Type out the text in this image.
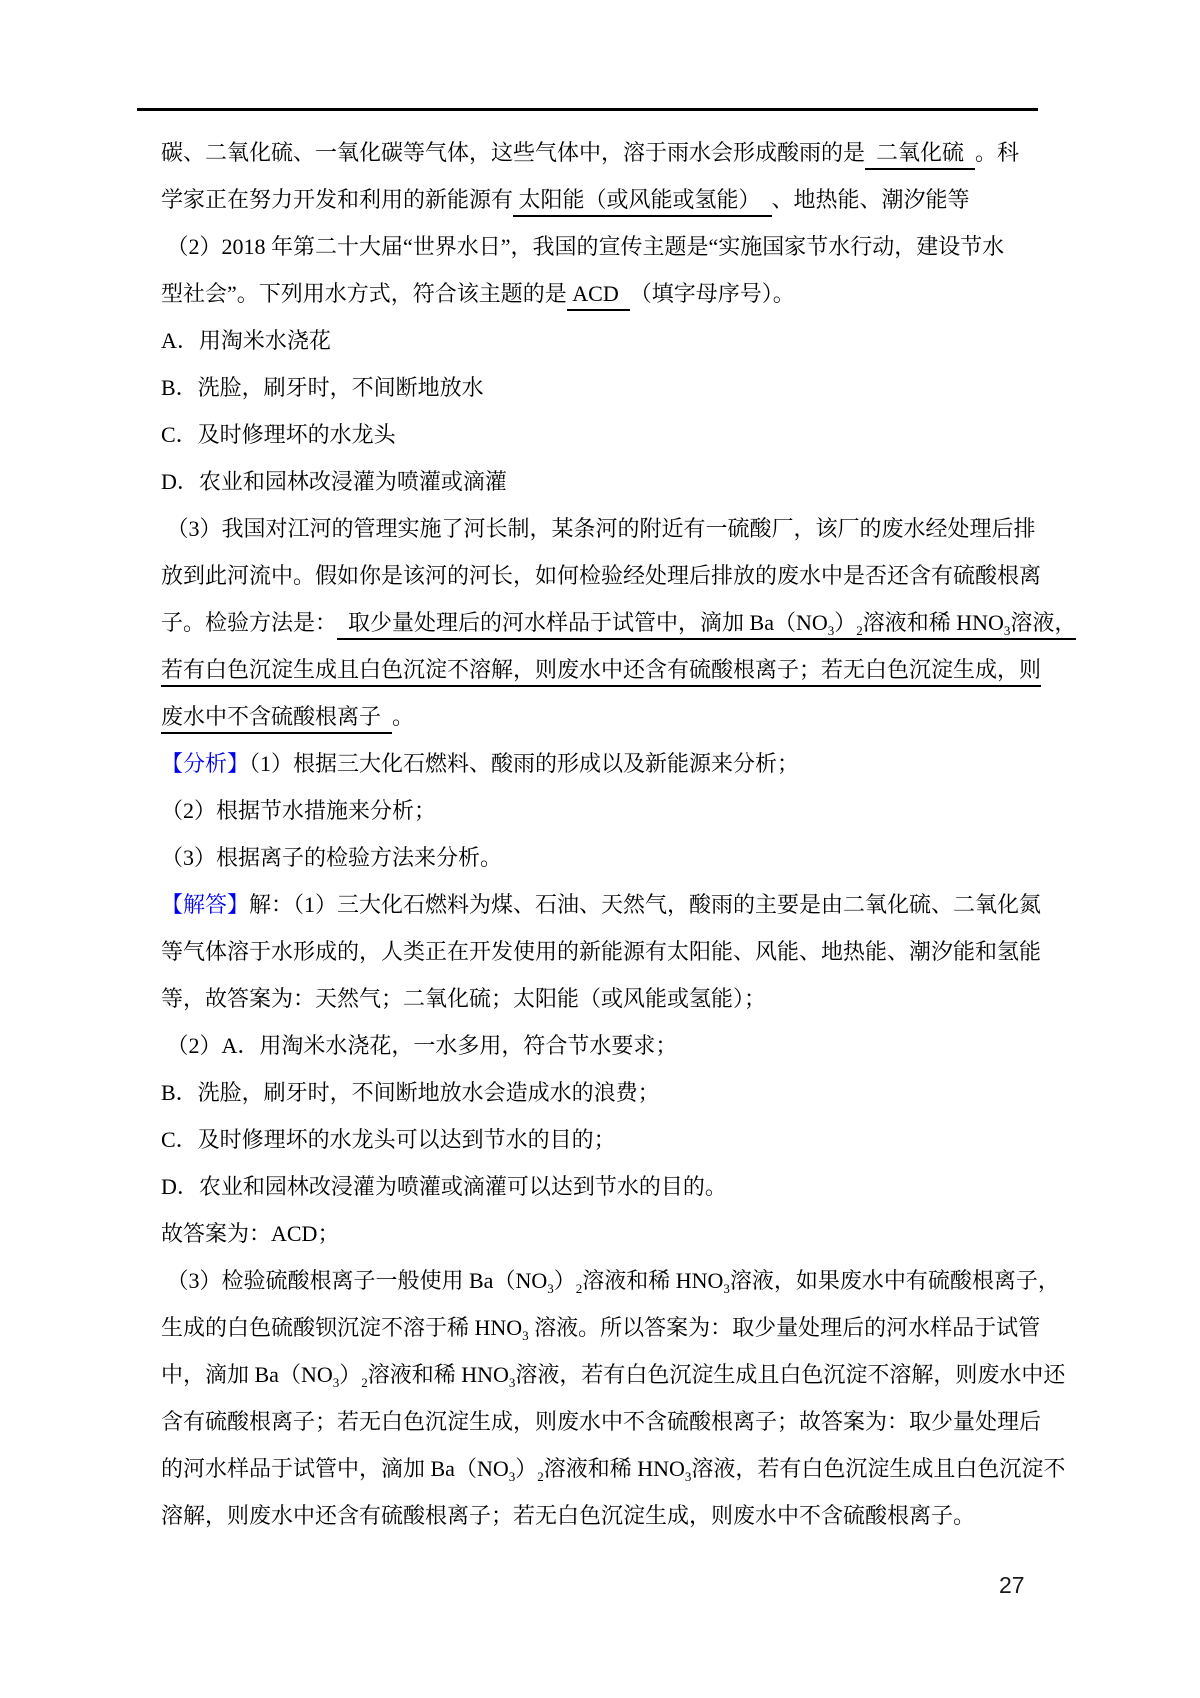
碳、二氧化硫、一氧化碳等气体，这些气体中，溶于雨水会形成酸雨的是  二氧化硫  。科
学家正在努力开发和利用的新能源有 太阳能（或风能或氢能）  、地热能、潮汐能等
（2）2018 年第二十大届“世界水日”，我国的宣传主题是“实施国家节水行动，建设节水
型社会”。下列用水方式，符合该主题的是 ACD  （填字母序号）。
A．用淘米水浇花
B．洗脸，刷牙时，不间断地放水
C．及时修理坏的水龙头
D．农业和园林改浸灌为喷灌或滴灌
（3）我国对江河的管理实施了河长制，某条河的附近有一硫酸厂，该厂的废水经处理后排
放到此河流中。假如你是该河的河长，如何检验经处理后排放的废水中是否还含有硫酸根离
子。检验方法是：  取少量处理后的河水样品于试管中，滴加 $Ba(NO_3)_2$溶液和稀 $HNO_3$溶液，
若有白色沉淀生成且白色沉淀不溶解，则废水中还含有硫酸根离子；若无白色沉淀生成，则
废水中不含硫酸根离子  。
【分析】（1）根据三大化石燃料、酸雨的形成以及新能源来分析；
（2）根据节水措施来分析；
（3）根据离子的检验方法来分析。
【解答】解：（1）三大化石燃料为煤、石油、天然气，酸雨的主要是由二氧化硫、二氧化氮
等气体溶于水形成的，人类正在开发使用的新能源有太阳能、风能、地热能、潮汐能和氢能
等，故答案为：天然气；二氧化硫；太阳能（或风能或氢能）；
（2）A．用淘米水浇花，一水多用，符合节水要求；
B．洗脸，刷牙时，不间断地放水会造成水的浪费；
C．及时修理坏的水龙头可以达到节水的目的；
D．农业和园林改浸灌为喷灌或滴灌可以达到节水的目的。
故答案为：ACD；
（3）检验硫酸根离子一般使用 $Ba(NO_3)_2$溶液和稀 $HNO_3$溶液，如果废水中有硫酸根离子，
生成的白色硫酸钡沉淀不溶于稀 $HNO_3$ 溶液。所以答案为：取少量处理后的河水样品于试管
中，滴加 $Ba(NO_3)_2$溶液和稀 $HNO_3$溶液，若有白色沉淀生成且白色沉淀不溶解，则废水中还
含有硫酸根离子；若无白色沉淀生成，则废水中不含硫酸根离子；故答案为：取少量处理后
的河水样品于试管中，滴加 $Ba(NO_3)_2$溶液和稀 $HNO_3$溶液，若有白色沉淀生成且白色沉淀不
溶解，则废水中还含有硫酸根离子；若无白色沉淀生成，则废水中不含硫酸根离子。
27
